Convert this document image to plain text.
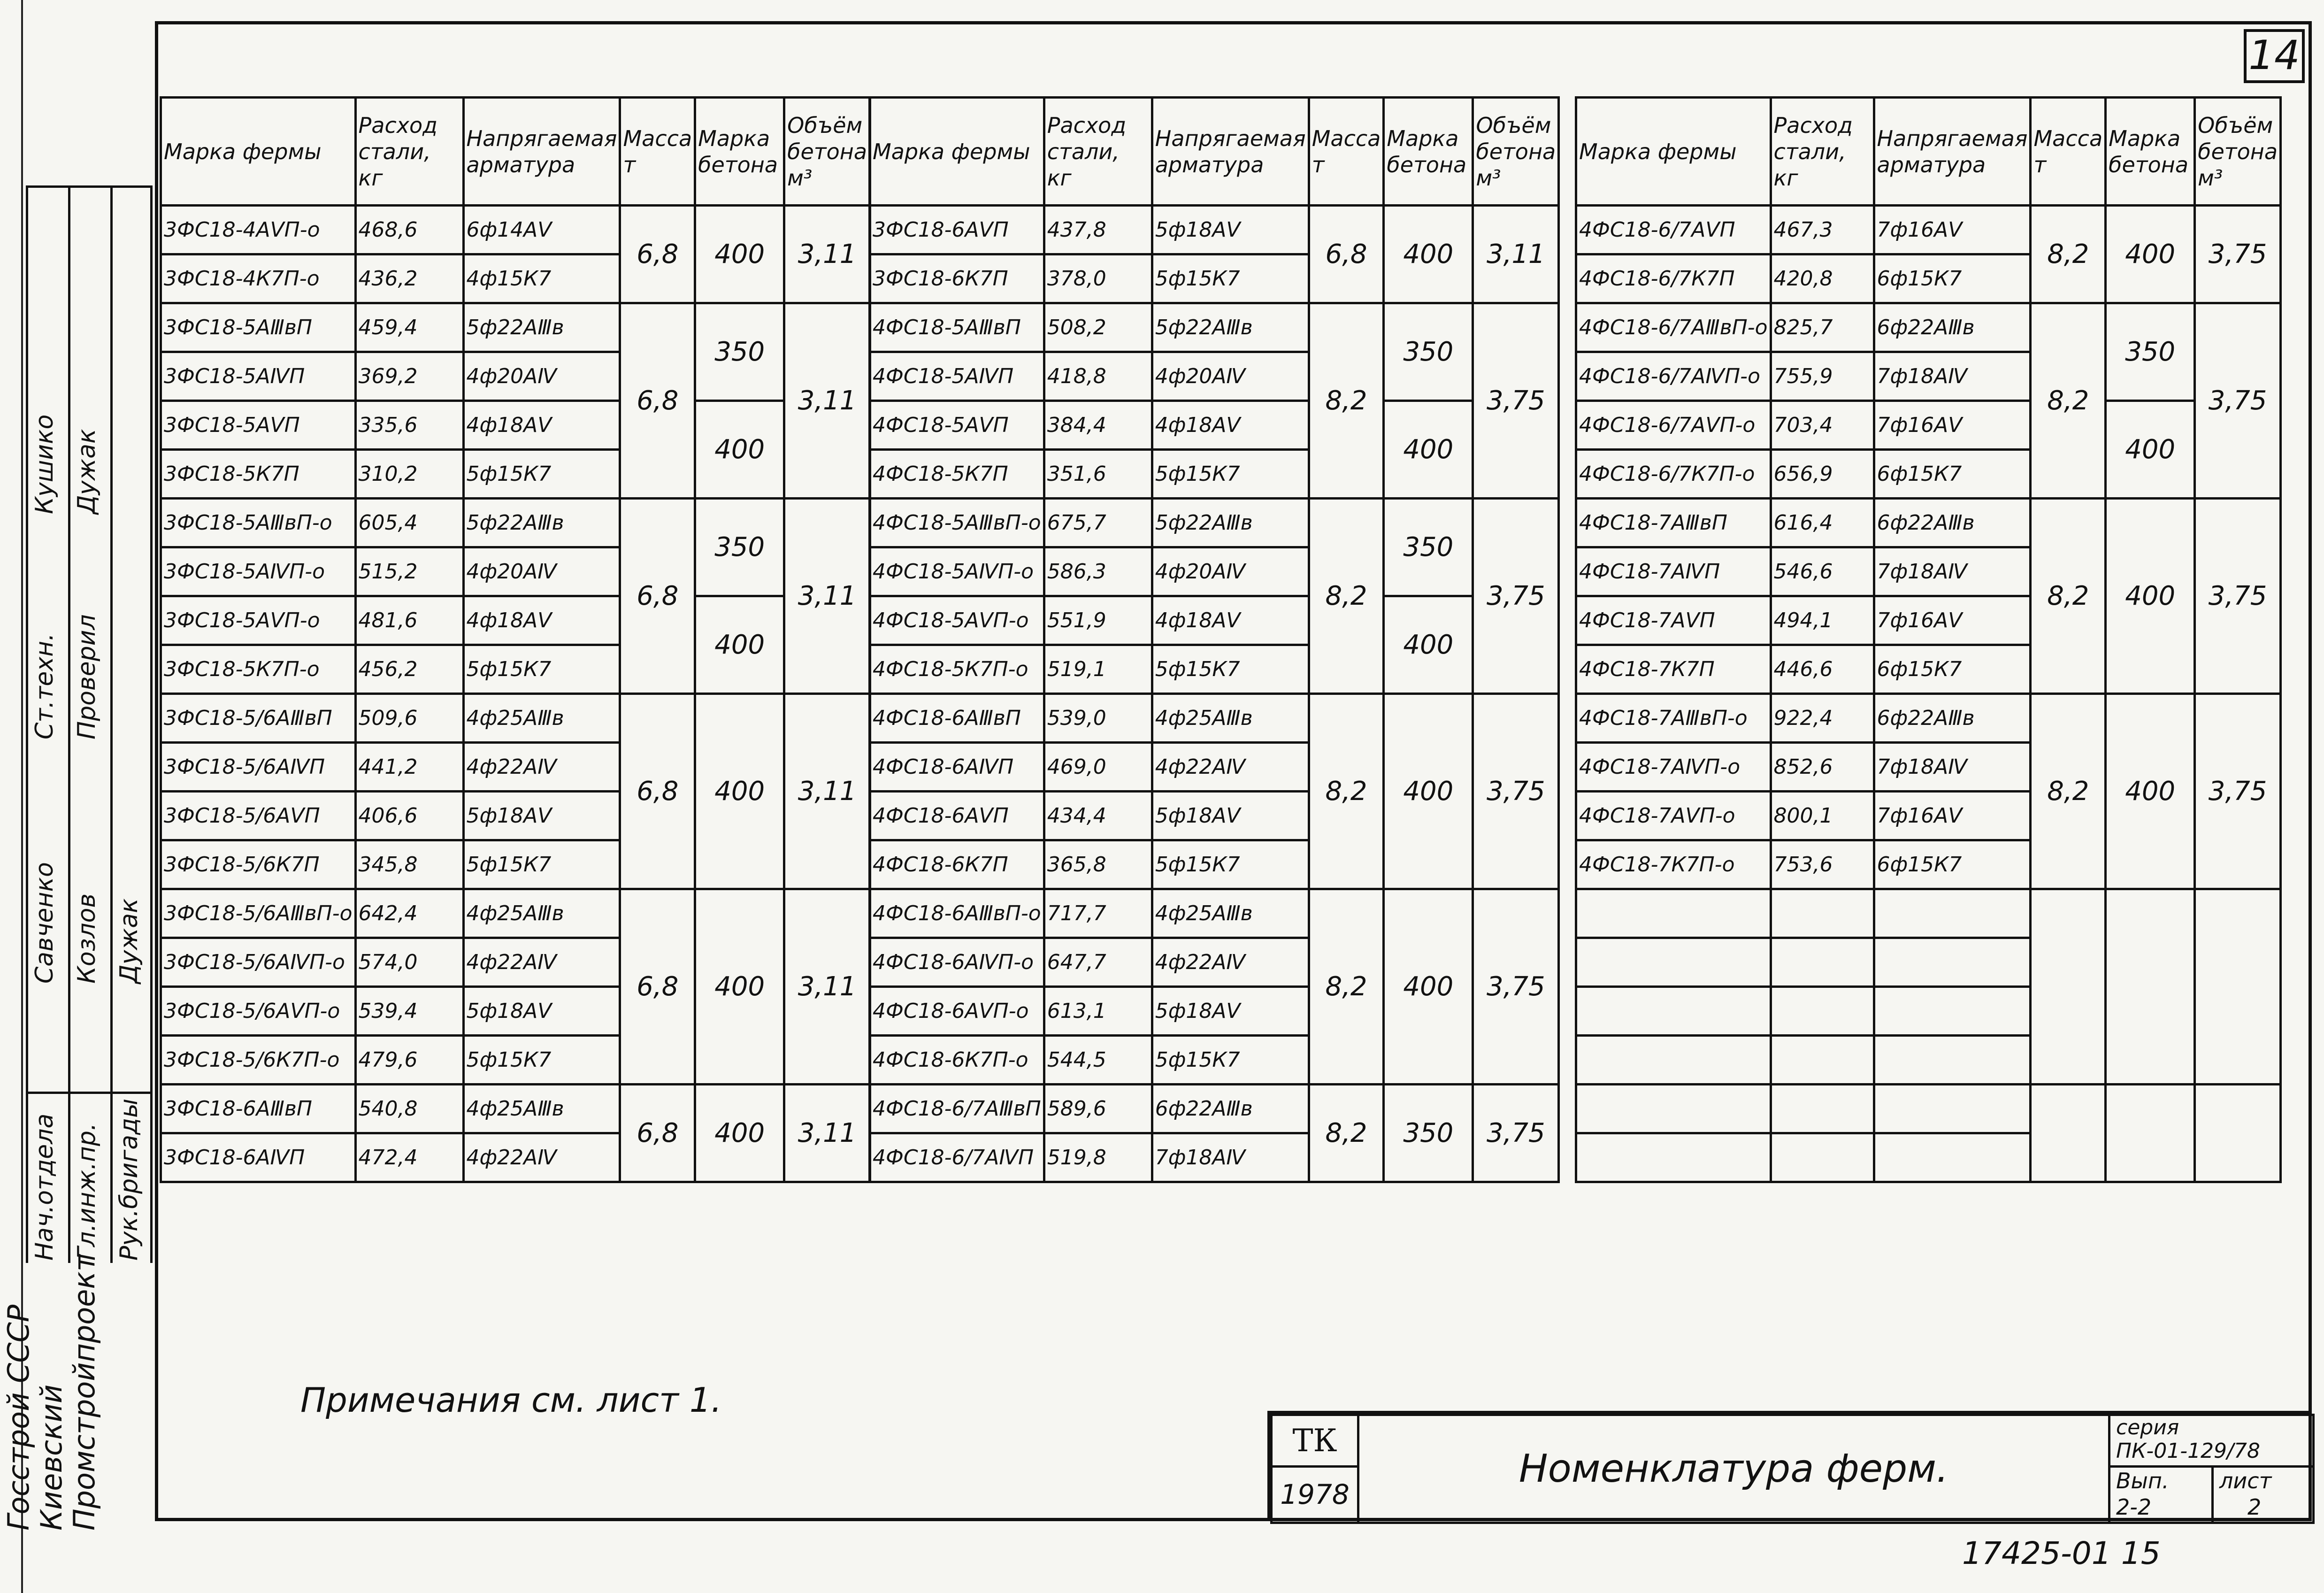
14
Марка фермы	Расход стали, кг	Напрягаемая арматура	Масса т	Марка бетона	Объём бетона м³
3ФС18-4АⅤП-о	468,6	6ф14АⅤ	6,8	400	3,11
3ФС18-4К7П-о	436,2	4ф15К7			
3ФС18-5АⅢвП	459,4	5ф22АⅢв	6,8	350	3,11
3ФС18-5АⅣП	369,2	4ф20АⅣ			
3ФС18-5АⅤП	335,6	4ф18АⅤ		400	
3ФС18-5К7П	310,2	5ф15К7			
3ФС18-5АⅢвП-о	605,4	5ф22АⅢв	6,8	350	3,11
3ФС18-5АⅣП-о	515,2	4ф20АⅣ			
3ФС18-5АⅤП-о	481,6	4ф18АⅤ		400	
3ФС18-5К7П-о	456,2	5ф15К7			
3ФС18-5/6АⅢвП	509,6	4ф25АⅢв	6,8	400	3,11
3ФС18-5/6АⅣП	441,2	4ф22АⅣ			
3ФС18-5/6АⅤП	406,6	5ф18АⅤ			
3ФС18-5/6К7П	345,8	5ф15К7			
3ФС18-5/6АⅢвП-о	642,4	4ф25АⅢв	6,8	400	3,11
3ФС18-5/6АⅣП-о	574,0	4ф22АⅣ			
3ФС18-5/6АⅤП-о	539,4	5ф18АⅤ			
3ФС18-5/6К7П-о	479,6	5ф15К7			
3ФС18-6АⅢвП	540,8	4ф25АⅢв	6,8	400	3,11
3ФС18-6АⅣП	472,4	4ф22АⅣ			
Марка фермы	Расход стали, кг	Напрягаемая арматура	Масса т	Марка бетона	Объём бетона м³
3ФС18-6АⅤП	437,8	5ф18АⅤ	6,8	400	3,11
3ФС18-6К7П	378,0	5ф15К7			
4ФС18-5АⅢвП	508,2	5ф22АⅢв	8,2	350	3,75
4ФС18-5АⅣП	418,8	4ф20АⅣ			
4ФС18-5АⅤП	384,4	4ф18АⅤ		400	
4ФС18-5К7П	351,6	5ф15К7			
4ФС18-5АⅢвП-о	675,7	5ф22АⅢв	8,2	350	3,75
4ФС18-5АⅣП-о	586,3	4ф20АⅣ			
4ФС18-5АⅤП-о	551,9	4ф18АⅤ		400	
4ФС18-5К7П-о	519,1	5ф15К7			
4ФС18-6АⅢвП	539,0	4ф25АⅢв	8,2	400	3,75
4ФС18-6АⅣП	469,0	4ф22АⅣ			
4ФС18-6АⅤП	434,4	5ф18АⅤ			
4ФС18-6К7П	365,8	5ф15К7			
4ФС18-6АⅢвП-о	717,7	4ф25АⅢв	8,2	400	3,75
4ФС18-6АⅣП-о	647,7	4ф22АⅣ			
4ФС18-6АⅤП-о	613,1	5ф18АⅤ			
4ФС18-6К7П-о	544,5	5ф15К7			
4ФС18-6/7АⅢвП	589,6	6ф22АⅢв	8,2	350	3,75
4ФС18-6/7АⅣП	519,8	7ф18АⅣ			
Марка фермы	Расход стали, кг	Напрягаемая арматура	Масса т	Марка бетона	Объём бетона м³
4ФС18-6/7АⅤП	467,3	7ф16АⅤ	8,2	400	3,75
4ФС18-6/7К7П	420,8	6ф15К7			
4ФС18-6/7АⅢвП-о	825,7	6ф22АⅢв	8,2	350	3,75
4ФС18-6/7АⅣП-о	755,9	7ф18АⅣ			
4ФС18-6/7АⅤП-о	703,4	7ф16АⅤ		400	
4ФС18-6/7К7П-о	656,9	6ф15К7			
4ФС18-7АⅢвП	616,4	6ф22АⅢв	8,2	400	3,75
4ФС18-7АⅣП	546,6	7ф18АⅣ			
4ФС18-7АⅤП	494,1	7ф16АⅤ			
4ФС18-7К7П	446,6	6ф15К7			
4ФС18-7АⅢвП-о	922,4	6ф22АⅢв	8,2	400	3,75
4ФС18-7АⅣП-о	852,6	7ф18АⅣ			
4ФС18-7АⅤП-о	800,1	7ф16АⅤ			
4ФС18-7К7П-о	753,6	6ф15К7			

Нач.отдела Гл.инж.пр. Рук.бригады
Савченко Козлов Дужак
Ст.техн. Проверил
Кушико Дужак
Госстрой СССР
Киевский
Промстройпроект	Примечания см. лист 1.
ТК
1978
Номенклатура ферм.
серия
ПК-01-129/78
Вып.
2-2
лист
2
17425-01 15
